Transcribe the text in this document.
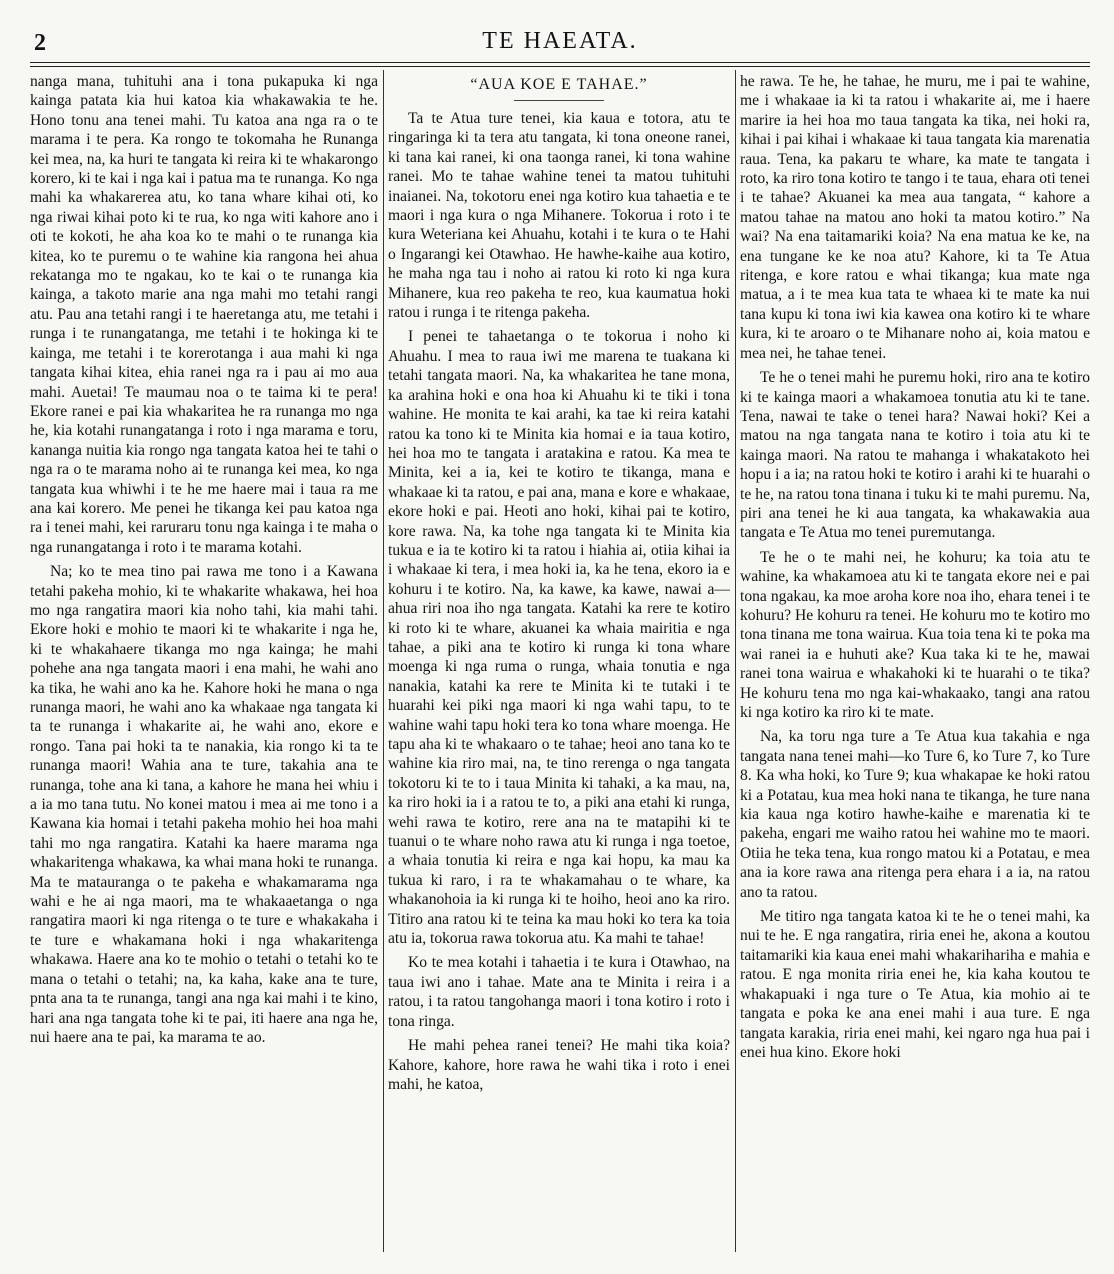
2	TE HAEATA.

nanga mana, tuhituhi ana i tona pukapuka ki nga kainga patata kia hui katoa kia whakawakia te he. Hono tonu ana tenei mahi. Tu katoa ana nga ra o te marama i te pera. Ka rongo te tokomaha he Runanga kei mea, na, ka huri te tangata ki reira ki te whakarongo korero, ki te kai i nga kai i patua ma te runanga. Ko nga mahi ka whakarerea atu, ko tana whare kihai oti, ko nga riwai kihai poto ki te rua, ko nga witi kahore ano i oti te kokoti, he aha koa ko te mahi o te runanga kia kitea, ko te puremu o te wahine kia rangona hei ahua rekatanga mo te ngakau, ko te kai o te runanga kia kainga, a takoto marie ana nga mahi mo tetahi rangi atu. Pau ana tetahi rangi i te haeretanga atu, me tetahi i runga i te runangatanga, me tetahi i te hokinga ki te kainga, me tetahi i te korerotanga i aua mahi ki nga tangata kihai kitea, ehia ranei nga ra i pau ai mo aua mahi. Auetai! Te maumau noa o te taima ki te pera! Ekore ranei e pai kia whakaritea he ra runanga mo nga he, kia kotahi runangatanga i roto i nga marama e toru, kananga nuitia kia rongo nga tangata katoa hei te tahi o nga ra o te marama noho ai te runanga kei mea, ko nga tangata kua whiwhi i te he me haere mai i taua ra me ana kai korero. Me penei he tikanga kei pau katoa nga ra i tenei mahi, kei raruraru tonu nga kainga i te maha o nga runangatanga i roto i te marama kotahi.

Na; ko te mea tino pai rawa me tono i a Kawana tetahi pakeha mohio, ki te whakarite whakawa, hei hoa mo nga rangatira maori kia noho tahi, kia mahi tahi. Ekore hoki e mohio te maori ki te whakarite i nga he, ki te whakahaere tikanga mo nga kainga; he mahi pohehe ana nga tangata maori i ena mahi, he wahi ano ka tika, he wahi ano ka he. Kahore hoki he mana o nga runanga maori, he wahi ano ka whakaae nga tangata ki ta te runanga i whakarite ai, he wahi ano, ekore e rongo. Tana pai hoki ta te nanakia, kia rongo ki ta te runanga maori! Wahia ana te ture, takahia ana te runanga, tohe ana ki tana, a kahore he mana hei whiu i a ia mo tana tutu. No konei matou i mea ai me tono i a Kawana kia homai i tetahi pakeha mohio hei hoa mahi tahi mo nga rangatira. Katahi ka haere marama nga whakaritenga whakawa, ka whai mana hoki te runanga. Ma te matauranga o te pakeha e whakamarama nga wahi e he ai nga maori, ma te whakaaetanga o nga rangatira maori ki nga ritenga o te ture e whakakaha i te ture e whakamana hoki i nga whakaritenga whakawa. Haere ana ko te mohio o tetahi o tetahi ko te mana o tetahi o tetahi; na, ka kaha, kake ana te ture, pnta ana ta te runanga, tangi ana nga kai mahi i te kino, hari ana nga tangata tohe ki te pai, iti haere ana nga he, nui haere ana te pai, ka marama te ao.

“AUA KOE E TAHAE.”

Ta te Atua ture tenei, kia kaua e totora, atu te ringaringa ki ta tera atu tangata, ki tona oneone ranei, ki tana kai ranei, ki ona taonga ranei, ki tona wahine ranei. Mo te tahae wahine tenei ta matou tuhituhi inaianei. Na, tokotoru enei nga kotiro kua tahaetia e te maori i nga kura o nga Mihanere. Tokorua i roto i te kura Weteriana kei Ahuahu, kotahi i te kura o te Hahi o Ingarangi kei Otawhao. He hawhe-kaihe aua kotiro, he maha nga tau i noho ai ratou ki roto ki nga kura Mihanere, kua reo pakeha te reo, kua kaumatua hoki ratou i runga i te ritenga pakeha.

I penei te tahaetanga o te tokorua i noho ki Ahuahu. I mea to raua iwi me marena te tuakana ki tetahi tangata maori. Na, ka whakaritea he tane mona, ka arahina hoki e ona hoa ki Ahuahu ki te tiki i tona wahine. He monita te kai arahi, ka tae ki reira katahi ratou ka tono ki te Minita kia homai e ia taua kotiro, hei hoa mo te tangata i aratakina e ratou. Ka mea te Minita, kei a ia, kei te kotiro te tikanga, mana e whakaae ki ta ratou, e pai ana, mana e kore e whakaae, ekore hoki e pai. Heoti ano hoki, kihai pai te kotiro, kore rawa. Na, ka tohe nga tangata ki te Minita kia tukua e ia te kotiro ki ta ratou i hiahia ai, otiia kihai ia i whakaae ki tera, i mea hoki ia, ka he tena, ekoro ia e kohuru i te kotiro. Na, ka kawe, ka kawe, nawai a—ahua riri noa iho nga tangata. Katahi ka rere te kotiro ki roto ki te whare, akuanei ka whaia mairitia e nga tahae, a piki ana te kotiro ki runga ki tona whare moenga ki nga ruma o runga, whaia tonutia e nga nanakia, katahi ka rere te Minita ki te tutaki i te huarahi kei piki nga maori ki nga wahi tapu, to te wahine wahi tapu hoki tera ko tona whare moenga. He tapu aha ki te whakaaro o te tahae; heoi ano tana ko te wahine kia riro mai, na, te tino rerenga o nga tangata tokotoru ki te to i taua Minita ki tahaki, a ka mau, na, ka riro hoki ia i a ratou te to, a piki ana etahi ki runga, wehi rawa te kotiro, rere ana na te matapihi ki te tuanui o te whare noho rawa atu ki runga i nga toetoe, a whaia tonutia ki reira e nga kai hopu, ka mau ka tukua ki raro, i ra te whakamahau o te whare, ka whakanohoia ia ki runga ki te hoiho, heoi ano ka riro. Titiro ana ratou ki te teina ka mau hoki ko tera ka toia atu ia, tokorua rawa tokorua atu. Ka mahi te tahae!

Ko te mea kotahi i tahaetia i te kura i Otawhao, na taua iwi ano i tahae. Mate ana te Minita i reira i a ratou, i ta ratou tangohanga maori i tona kotiro i roto i tona ringa.

He mahi pehea ranei tenei? He mahi tika koia? Kahore, kahore, hore rawa he wahi tika i roto i enei mahi, he katoa,

he rawa. Te he, he tahae, he muru, me i pai te wahine, me i whakaae ia ki ta ratou i whakarite ai, me i haere marire ia hei hoa mo taua tangata ka tika, nei hoki ra, kihai i pai kihai i whakaae ki taua tangata kia marenatia raua. Tena, ka pakaru te whare, ka mate te tangata i roto, ka riro tona kotiro te tango i te taua, ehara oti tenei i te tahae? Akuanei ka mea aua tangata, “ kahore a matou tahae na matou ano hoki ta matou kotiro.” Na wai? Na ena taitamariki koia? Na ena matua ke ke, na ena tungane ke ke noa atu? Kahore, ki ta Te Atua ritenga, e kore ratou e whai tikanga; kua mate nga matua, a i te mea kua tata te whaea ki te mate ka nui tana kupu ki tona iwi kia kawea ona kotiro ki te whare kura, ki te aroaro o te Mihanare noho ai, koia matou e mea nei, he tahae tenei.

Te he o tenei mahi he puremu hoki, riro ana te kotiro ki te kainga maori a whakamoea tonutia atu ki te tane. Tena, nawai te take o tenei hara? Nawai hoki? Kei a matou na nga tangata nana te kotiro i toia atu ki te kainga maori. Na ratou te mahanga i whakatakoto hei hopu i a ia; na ratou hoki te kotiro i arahi ki te huarahi o te he, na ratou tona tinana i tuku ki te mahi puremu. Na, piri ana tenei he ki aua tangata, ka whakawakia aua tangata e Te Atua mo tenei puremutanga.

Te he o te mahi nei, he kohuru; ka toia atu te wahine, ka whakamoea atu ki te tangata ekore nei e pai tona ngakau, ka moe aroha kore noa iho, ehara tenei i te kohuru? He kohuru ra tenei. He kohuru mo te kotiro mo tona tinana me tona wairua. Kua toia tena ki te poka ma wai ranei ia e huhuti ake? Kua taka ki te he, mawai ranei tona wairua e whakahoki ki te huarahi o te tika? He kohuru tena mo nga kai-whakaako, tangi ana ratou ki nga kotiro ka riro ki te mate.

Na, ka toru nga ture a Te Atua kua takahia e nga tangata nana tenei mahi—ko Ture 6, ko Ture 7, ko Ture 8. Ka wha hoki, ko Ture 9; kua whakapae ke hoki ratou ki a Potatau, kua mea hoki nana te tikanga, he ture nana kia kaua nga kotiro hawhe-kaihe e marenatia ki te pakeha, engari me waiho ratou hei wahine mo te maori. Otiia he teka tena, kua rongo matou ki a Potatau, e mea ana ia kore rawa ana ritenga pera ehara i a ia, na ratou ano ta ratou.

Me titiro nga tangata katoa ki te he o tenei mahi, ka nui te he. E nga rangatira, ririа enei he, akona a koutou taitamariki kia kaua enei mahi whakarihariha e mahia e ratou. E nga monita ririа enei he, kia kaha koutou te whakapuaki i nga ture o Te Atua, kia mohio ai te tangata e poka ke ana enei mahi i aua ture. E nga tangata karakia, ririа enei mahi, kei ngaro nga hua pai i enei hua kino. Ekore hoki
